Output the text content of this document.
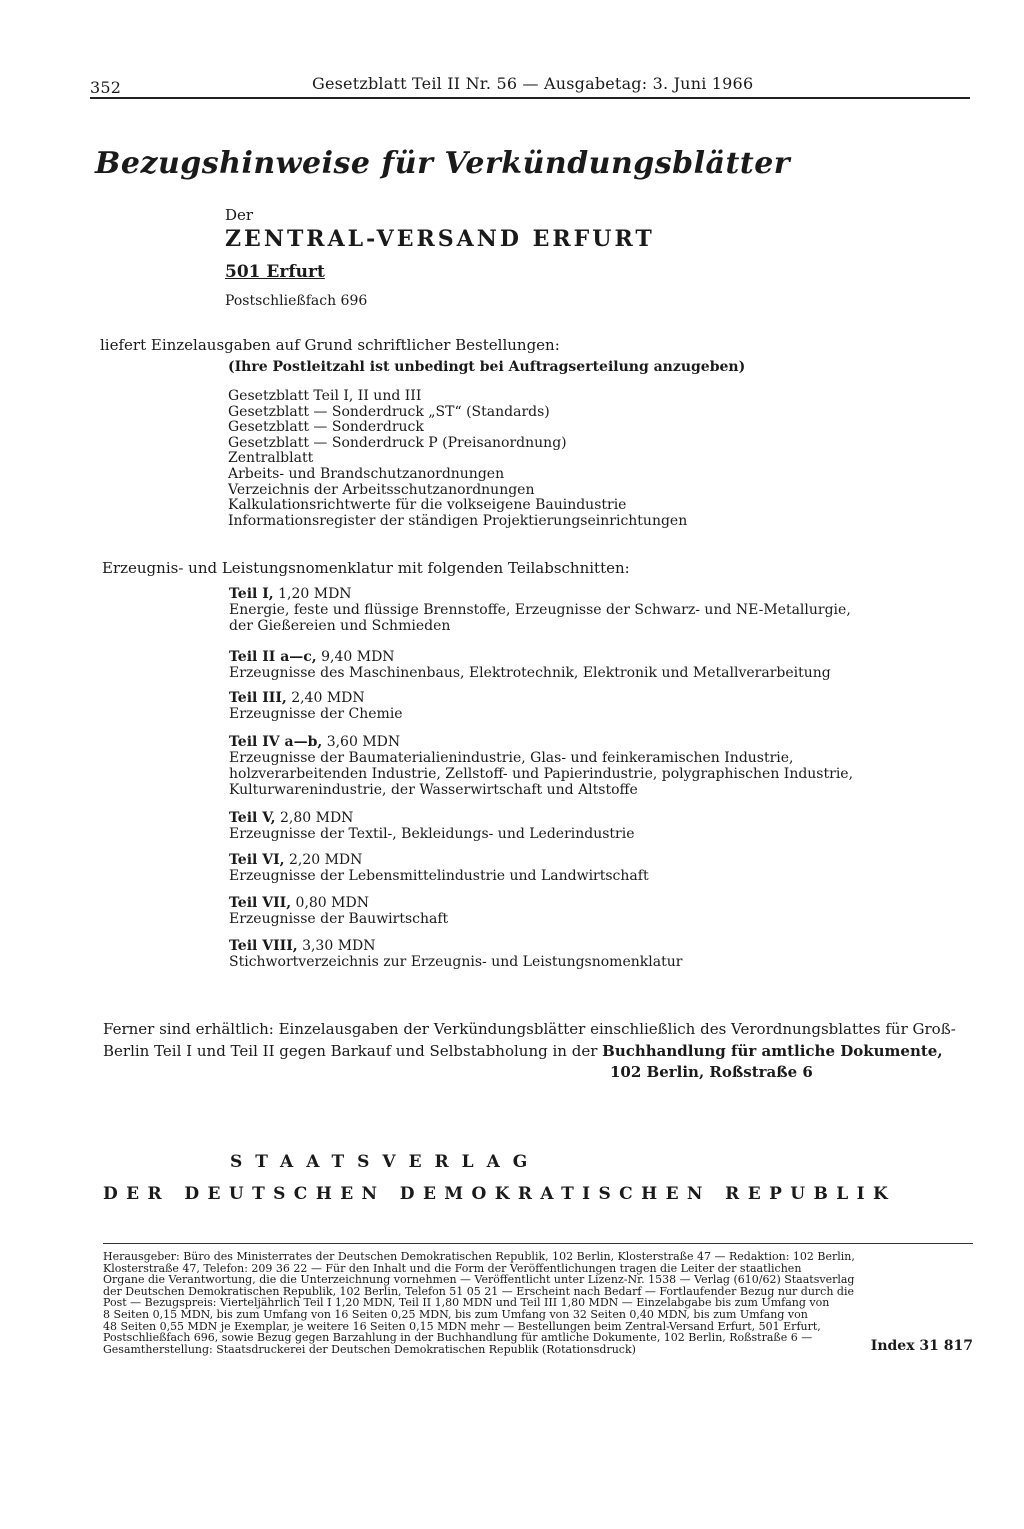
352	Gesetzblatt Teil II Nr. 56 — Ausgabetag: 3. Juni 1966
Bezugshinweise für Verkündungsblätter
Der
ZENTRAL-VERSAND ERFURT
501 Erfurt
Postschließfach 696
liefert Einzelausgaben auf Grund schriftlicher Bestellungen:
(Ihre Postleitzahl ist unbedingt bei Auftragserteilung anzugeben)
Gesetzblatt Teil I, II und III
Gesetzblatt — Sonderdruck „ST“ (Standards)
Gesetzblatt — Sonderdruck
Gesetzblatt — Sonderdruck P (Preisanordnung)
Zentralblatt
Arbeits- und Brandschutzanordnungen
Verzeichnis der Arbeitsschutzanordnungen
Kalkulationsrichtwerte für die volkseigene Bauindustrie
Informationsregister der ständigen Projektierungseinrichtungen
Erzeugnis- und Leistungsnomenklatur mit folgenden Teilabschnitten:
Teil I, 1,20 MDN
Energie, feste und flüssige Brennstoffe, Erzeugnisse der Schwarz- und NE-Metallurgie,
der Gießereien und Schmieden
Teil II a—c, 9,40 MDN
Erzeugnisse des Maschinenbaus, Elektrotechnik, Elektronik und Metallverarbeitung
Teil III, 2,40 MDN
Erzeugnisse der Chemie
Teil IV a—b, 3,60 MDN
Erzeugnisse der Baumaterialienindustrie, Glas- und feinkeramischen Industrie,
holzverarbeitenden Industrie, Zellstoff- und Papierindustrie, polygraphischen Industrie,
Kulturwarenindustrie, der Wasserwirtschaft und Altstoffe
Teil V, 2,80 MDN
Erzeugnisse der Textil-, Bekleidungs- und Lederindustrie
Teil VI, 2,20 MDN
Erzeugnisse der Lebensmittelindustrie und Landwirtschaft
Teil VII, 0,80 MDN
Erzeugnisse der Bauwirtschaft
Teil VIII, 3,30 MDN
Stichwortverzeichnis zur Erzeugnis- und Leistungsnomenklatur
Ferner sind erhältlich: Einzelausgaben der Verkündungsblätter einschließlich des Verordnungsblattes für Groß-
Berlin Teil I und Teil II gegen Barkauf und Selbstabholung in der Buchhandlung für amtliche Dokumente,
102 Berlin, Roßstraße 6
STAATSVERLAG
DER DEUTSCHEN DEMOKRATISCHEN REPUBLIK
Herausgeber: Büro des Ministerrates der Deutschen Demokratischen Republik, 102 Berlin, Klosterstraße 47 — Redaktion: 102 Berlin,
Klosterstraße 47, Telefon: 209 36 22 — Für den Inhalt und die Form der Veröffentlichungen tragen die Leiter der staatlichen
Organe die Verantwortung, die die Unterzeichnung vornehmen — Veröffentlicht unter Lizenz-Nr. 1538 — Verlag (610/62) Staatsverlag
der Deutschen Demokratischen Republik, 102 Berlin, Telefon 51 05 21 — Erscheint nach Bedarf — Fortlaufender Bezug nur durch die
Post — Bezugspreis: Vierteljährlich Teil I 1,20 MDN, Teil II 1,80 MDN und Teil III 1,80 MDN — Einzelabgabe bis zum Umfang von
8 Seiten 0,15 MDN, bis zum Umfang von 16 Seiten 0,25 MDN, bis zum Umfang von 32 Seiten 0,40 MDN, bis zum Umfang von
48 Seiten 0,55 MDN je Exemplar, je weitere 16 Seiten 0,15 MDN mehr — Bestellungen beim Zentral-Versand Erfurt, 501 Erfurt,
Postschließfach 696, sowie Bezug gegen Barzahlung in der Buchhandlung für amtliche Dokumente, 102 Berlin, Roßstraße 6 —
Gesamtherstellung: Staatsdruckerei der Deutschen Demokratischen Republik (Rotationsdruck)	Index 31 817
